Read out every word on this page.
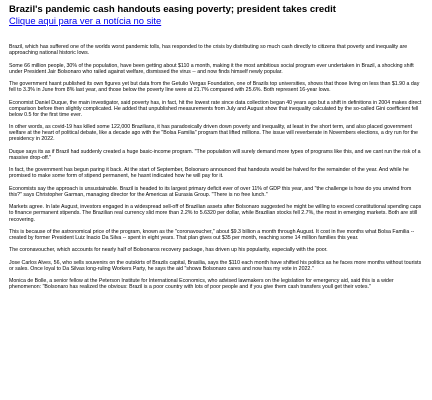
Brazil's pandemic cash handouts easing poverty; president takes credit
Clique aqui para ver a notícia no site

Brazil, which has suffered one of the worlds worst pandemic tolls, has responded to the crisis by distributing so much cash directly to citizens that poverty and inequality are approaching national historic lows.

Some 66 million people, 30% of the population, have been getting about $110 a month, making it the most ambitious social program ever undertaken in Brazil, a shocking shift under President Jair Bolsonaro who railed against welfare, dismissed the virus -- and now finds himself newly popular.

The government hasnt published its own figures yet but data from the Getulio Vergas Foundation, one of Brazils top universities, shows that those living on less than $1.90 a day fell to 3.3% in June from 8% last year, and those below the poverty line were at 21.7% compared with 25.6%. Both represent 16-year lows.

Economist Daniel Duque, the main investigator, said poverty has, in fact, hit the lowest rate since data collection began 40 years ago but a shift in definitions in 2004 makes direct comparison before then slightly complicated. He added that unpublished measurements from July and August show that inequality calculated by the so-called Gini coefficient fell below 0.5 for the first time ever.

In other words, as covid-19 has killed some 122,000 Brazilians, it has paradoxically driven down poverty and inequality, at least in the short term, and also placed government welfare at the heart of political debate, like a decade ago with the "Bolsa Familia" program that lifted millions. The issue will reverberate in Novembers elections, a dry run for the presidency in 2022.

Duque says its as if Brazil had suddenly created a huge basic-income program. "The population will surely demand more types of programs like this, and we cant run the risk of a massive drop-off."

In fact, the government has begun paring it back. At the start of September, Bolsonaro announced that handouts would be halved for the remainder of the year. And while he promised to make some form of stipend permanent, he hasnt indicated how he will pay for it.

Economists say the approach is unsustainable. Brazil is headed to its largest primary deficit ever of over 11% of GDP this year, and "the challenge is how do you unwind from this?" says Christopher Garman, managing director for the Americas at Eurasia Group. "There is no free lunch."

Markets agree. In late August, investors engaged in a widespread sell-off of Brazilian assets after Bolsonaro suggested he might be willing to exceed constitutional spending caps to finance permanent stipends. The Brazilian real currency slid more than 2.2% to 5.6320 per dollar, while Brazilian stocks fell 2.7%, the most in emerging markets. Both are still recovering.

This is because of the astronomical price of the program, known as the "coronavoucher," about $9.3 billion a month through August. It cost in five months what Bolsa Familia -- created by former President Luiz Inacio Da Silva -- spent in eight years. That plan gives out $35 per month, reaching some 14 million families this year.

The coronavoucher, which accounts for nearly half of Bolsonaros recovery package, has driven up his popularity, especially with the poor.

Jose Carlos Alves, 56, who sells souvenirs on the outskirts of Brazils capital, Brasilia, says the $110 each month have shifted his politics as he faces more months without tourists or sales. Once loyal to Da Silvas long-ruling Workers Party, he says the aid "shows Bolsonaro cares and now has my vote in 2022."

Monica de Bolle, a senior fellow at the Peterson Institute for International Economics, who advised lawmakers on the legislation for emergency aid, said this is a wider phenomenon: "Bolsonaro has realized the obvious: Brazil is a poor country with lots of poor people and if you give them cash transfers youll get their votes."
